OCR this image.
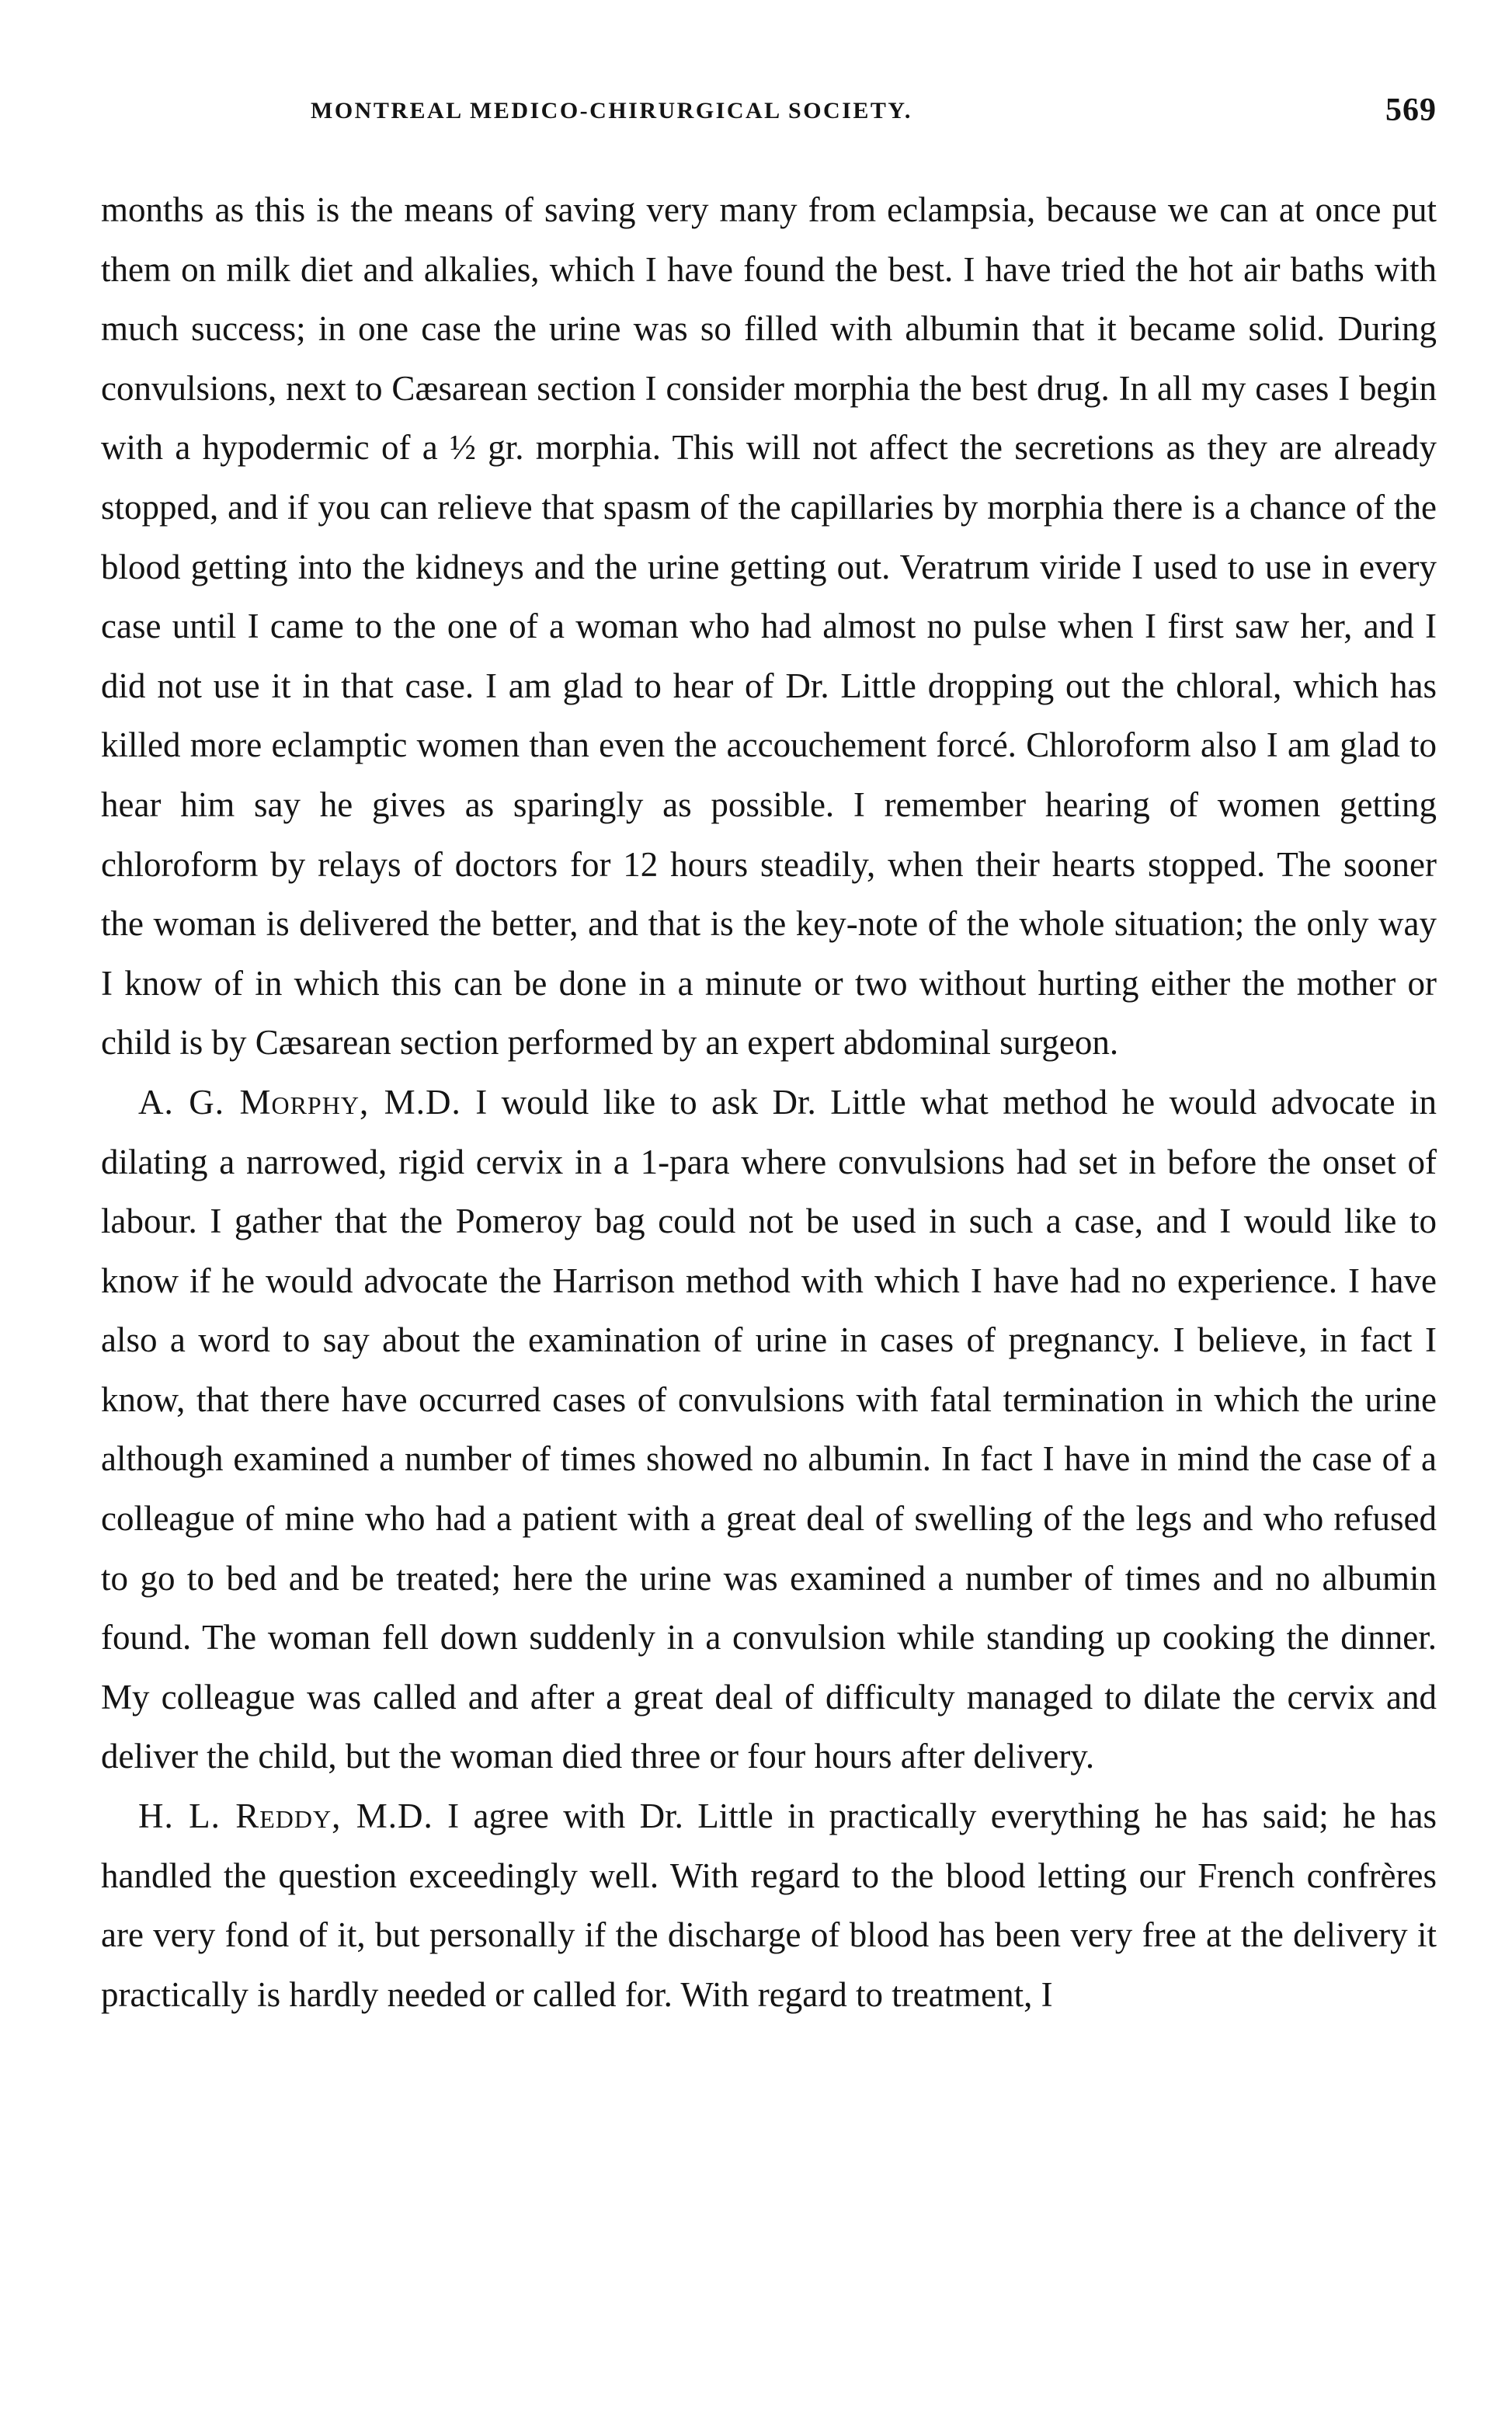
MONTREAL MEDICO-CHIRURGICAL SOCIETY.	569

months as this is the means of saving very many from eclampsia, because we can at once put them on milk diet and alkalies, which I have found the best. I have tried the hot air baths with much success; in one case the urine was so filled with albumin that it became solid. During convulsions, next to Cæsarean section I consider morphia the best drug. In all my cases I begin with a hypodermic of a ½ gr. morphia. This will not affect the secretions as they are already stopped, and if you can relieve that spasm of the capillaries by morphia there is a chance of the blood getting into the kidneys and the urine getting out. Veratrum viride I used to use in every case until I came to the one of a woman who had almost no pulse when I first saw her, and I did not use it in that case. I am glad to hear of Dr. Little dropping out the chloral, which has killed more eclamptic women than even the accouchement forcé. Chloroform also I am glad to hear him say he gives as sparingly as possible. I remember hearing of women getting chloroform by relays of doctors for 12 hours steadily, when their hearts stopped. The sooner the woman is delivered the better, and that is the key-note of the whole situation; the only way I know of in which this can be done in a minute or two without hurting either the mother or child is by Cæsarean section performed by an expert abdominal surgeon.

A. G. Morphy, M.D. I would like to ask Dr. Little what method he would advocate in dilating a narrowed, rigid cervix in a 1-para where convulsions had set in before the onset of labour. I gather that the Pomeroy bag could not be used in such a case, and I would like to know if he would advocate the Harrison method with which I have had no experience. I have also a word to say about the examination of urine in cases of pregnancy. I believe, in fact I know, that there have occurred cases of convulsions with fatal termination in which the urine although examined a number of times showed no albumin. In fact I have in mind the case of a colleague of mine who had a patient with a great deal of swelling of the legs and who refused to go to bed and be treated; here the urine was examined a number of times and no albumin found. The woman fell down suddenly in a convulsion while standing up cooking the dinner. My colleague was called and after a great deal of difficulty managed to dilate the cervix and deliver the child, but the woman died three or four hours after delivery.

H. L. Reddy, M.D. I agree with Dr. Little in practically everything he has said; he has handled the question exceedingly well. With regard to the blood letting our French confrères are very fond of it, but personally if the discharge of blood has been very free at the delivery it practically is hardly needed or called for. With regard to treatment, I
